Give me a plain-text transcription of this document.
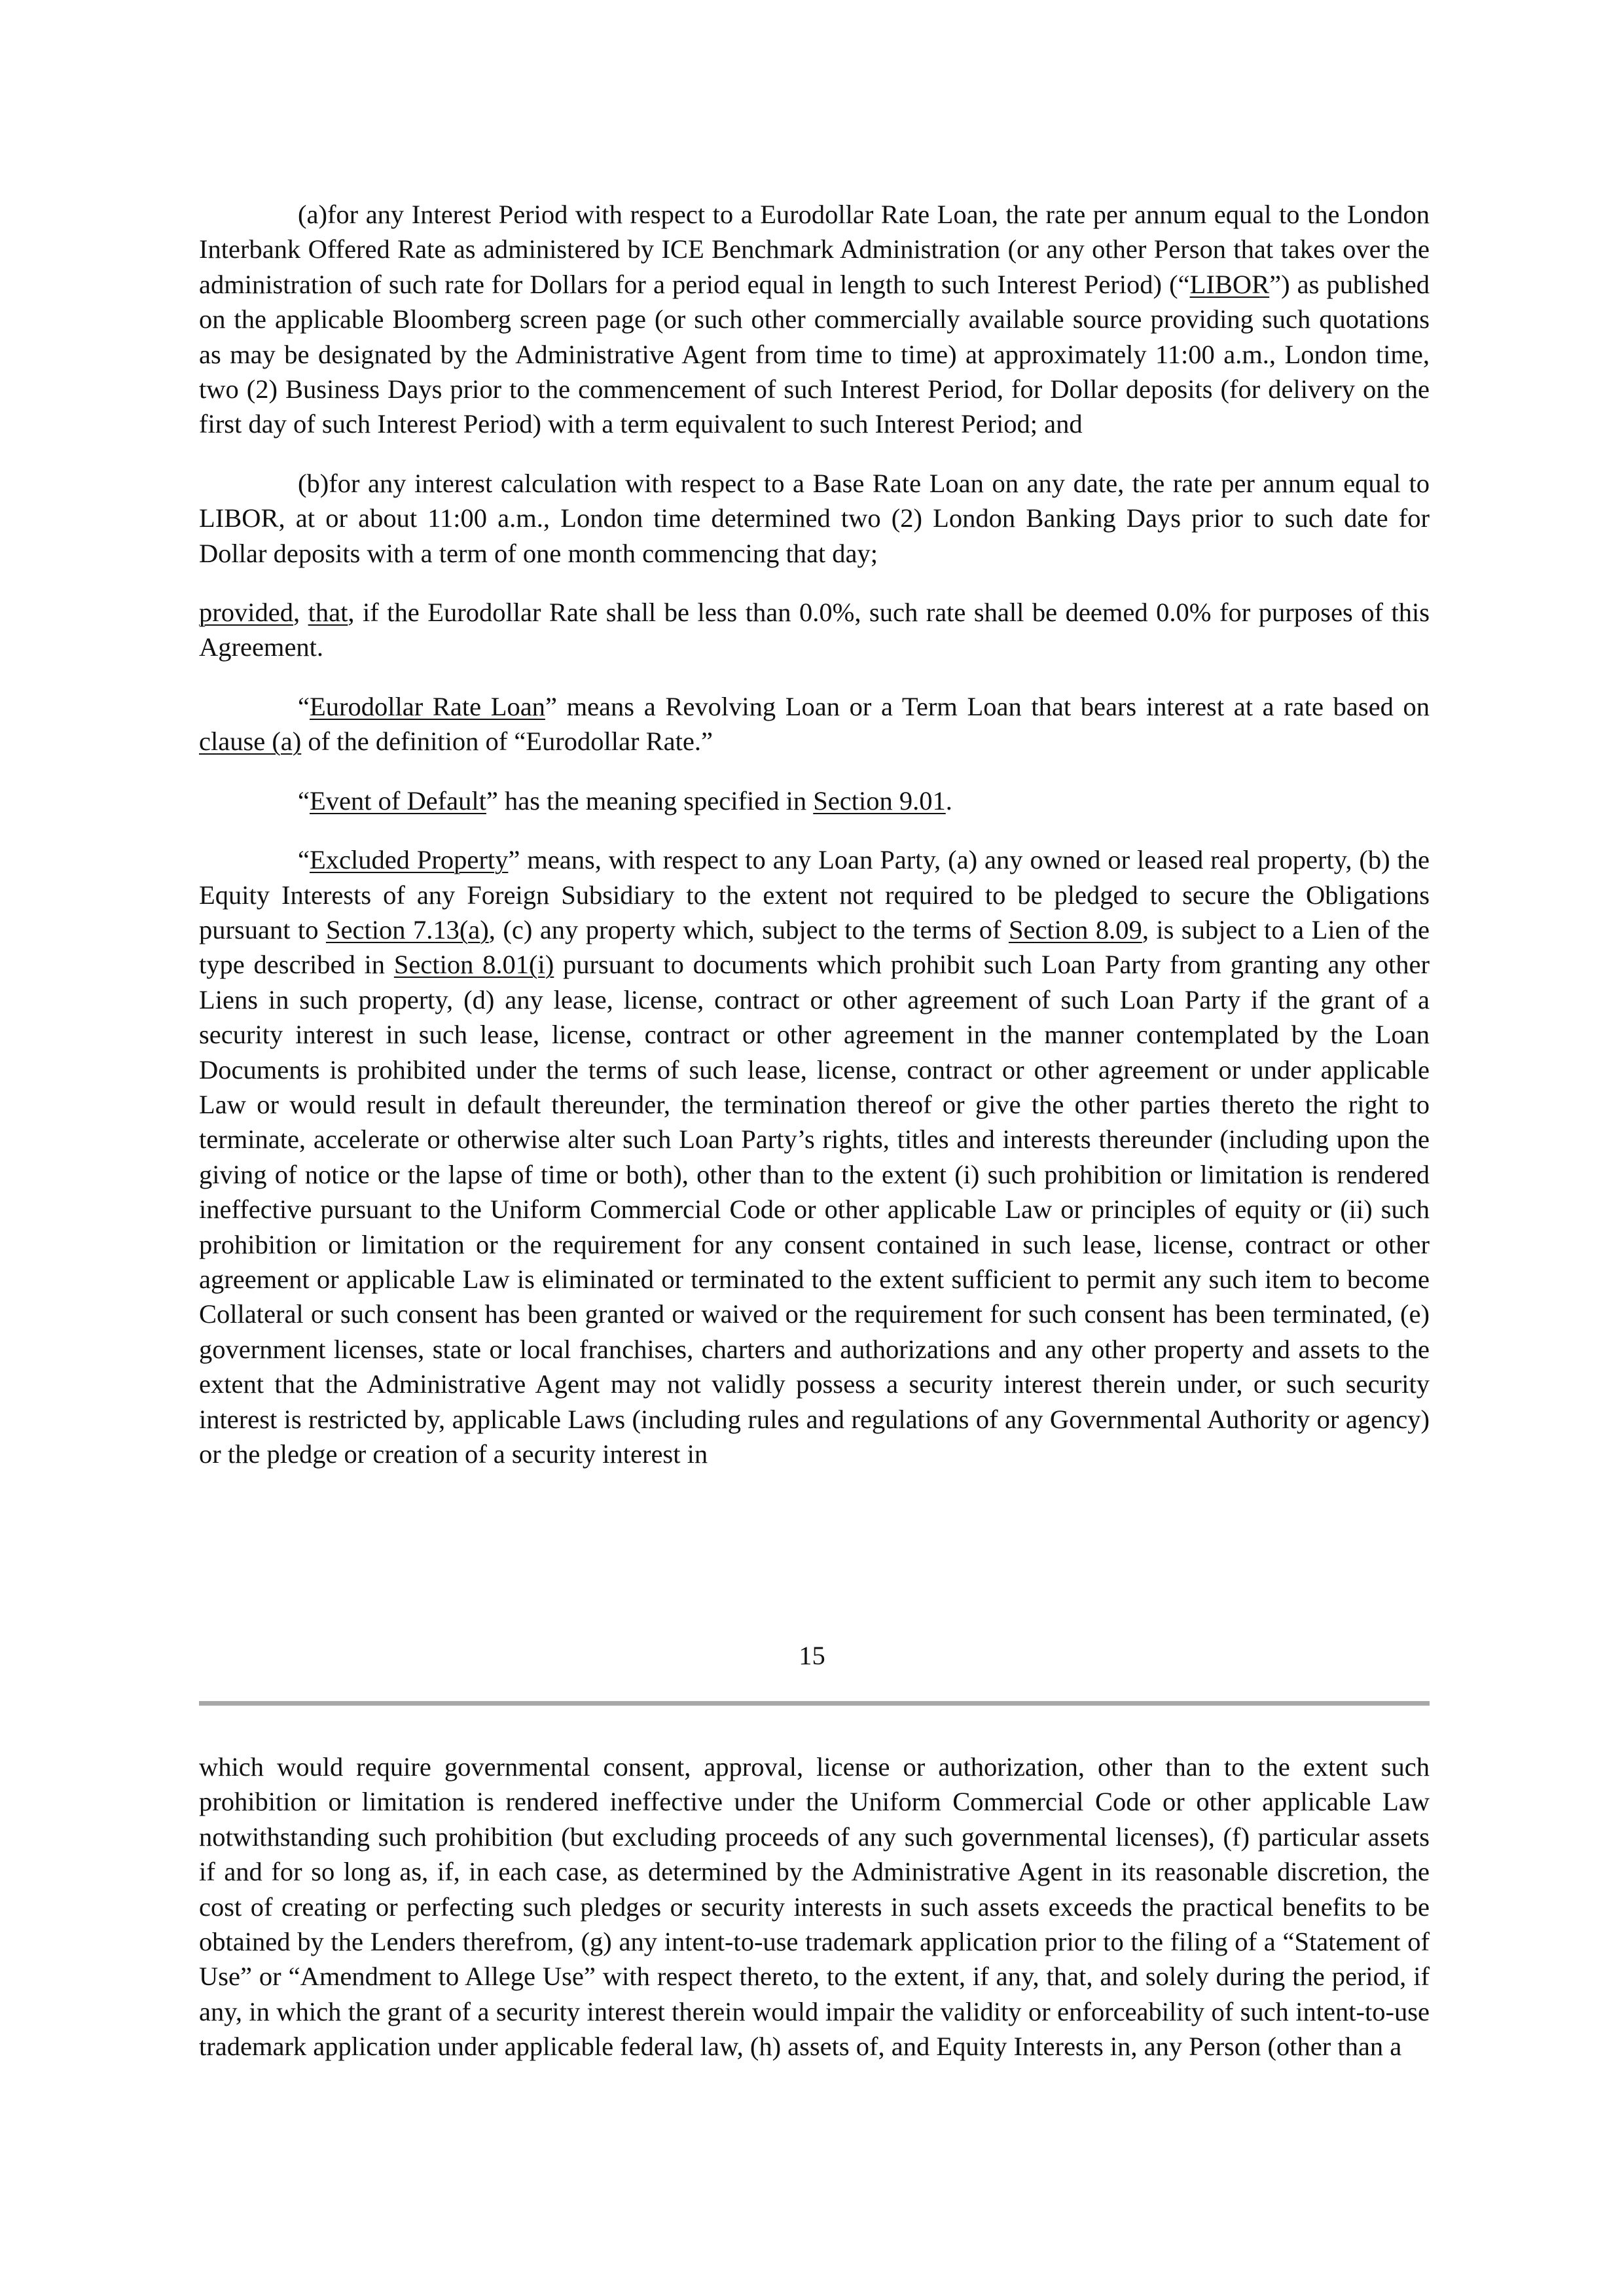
(a)for any Interest Period with respect to a Eurodollar Rate Loan, the rate per annum equal to the London Interbank Offered Rate as administered by ICE Benchmark Administration (or any other Person that takes over the administration of such rate for Dollars for a period equal in length to such Interest Period) (“LIBOR”) as published on the applicable Bloomberg screen page (or such other commercially available source providing such quotations as may be designated by the Administrative Agent from time to time) at approximately 11:00 a.m., London time, two (2) Business Days prior to the commencement of such Interest Period, for Dollar deposits (for delivery on the first day of such Interest Period) with a term equivalent to such Interest Period; and

(b)for any interest calculation with respect to a Base Rate Loan on any date, the rate per annum equal to LIBOR, at or about 11:00 a.m., London time determined two (2) London Banking Days prior to such date for Dollar deposits with a term of one month commencing that day;

provided, that, if the Eurodollar Rate shall be less than 0.0%, such rate shall be deemed 0.0% for purposes of this Agreement.

“Eurodollar Rate Loan” means a Revolving Loan or a Term Loan that bears interest at a rate based on clause (a) of the definition of “Eurodollar Rate.”

“Event of Default” has the meaning specified in Section 9.01.

“Excluded Property” means, with respect to any Loan Party, (a) any owned or leased real property, (b) the Equity Interests of any Foreign Subsidiary to the extent not required to be pledged to secure the Obligations pursuant to Section 7.13(a), (c) any property which, subject to the terms of Section 8.09, is subject to a Lien of the type described in Section 8.01(i) pursuant to documents which prohibit such Loan Party from granting any other Liens in such property, (d) any lease, license, contract or other agreement of such Loan Party if the grant of a security interest in such lease, license, contract or other agreement in the manner contemplated by the Loan Documents is prohibited under the terms of such lease, license, contract or other agreement or under applicable Law or would result in default thereunder, the termination thereof or give the other parties thereto the right to terminate, accelerate or otherwise alter such Loan Party’s rights, titles and interests thereunder (including upon the giving of notice or the lapse of time or both), other than to the extent (i) such prohibition or limitation is rendered ineffective pursuant to the Uniform Commercial Code or other applicable Law or principles of equity or (ii) such prohibition or limitation or the requirement for any consent contained in such lease, license, contract or other agreement or applicable Law is eliminated or terminated to the extent sufficient to permit any such item to become Collateral or such consent has been granted or waived or the requirement for such consent has been terminated, (e) government licenses, state or local franchises, charters and authorizations and any other property and assets to the extent that the Administrative Agent may not validly possess a security interest therein under, or such security interest is restricted by, applicable Laws (including rules and regulations of any Governmental Authority or agency) or the pledge or creation of a security interest in

15

which would require governmental consent, approval, license or authorization, other than to the extent such prohibition or limitation is rendered ineffective under the Uniform Commercial Code or other applicable Law notwithstanding such prohibition (but excluding proceeds of any such governmental licenses), (f) particular assets if and for so long as, if, in each case, as determined by the Administrative Agent in its reasonable discretion, the cost of creating or perfecting such pledges or security interests in such assets exceeds the practical benefits to be obtained by the Lenders therefrom, (g) any intent-to-use trademark application prior to the filing of a “Statement of Use” or “Amendment to Allege Use” with respect thereto, to the extent, if any, that, and solely during the period, if any, in which the grant of a security interest therein would impair the validity or enforceability of such intent-to-use trademark application under applicable federal law, (h) assets of, and Equity Interests in, any Person (other than a
